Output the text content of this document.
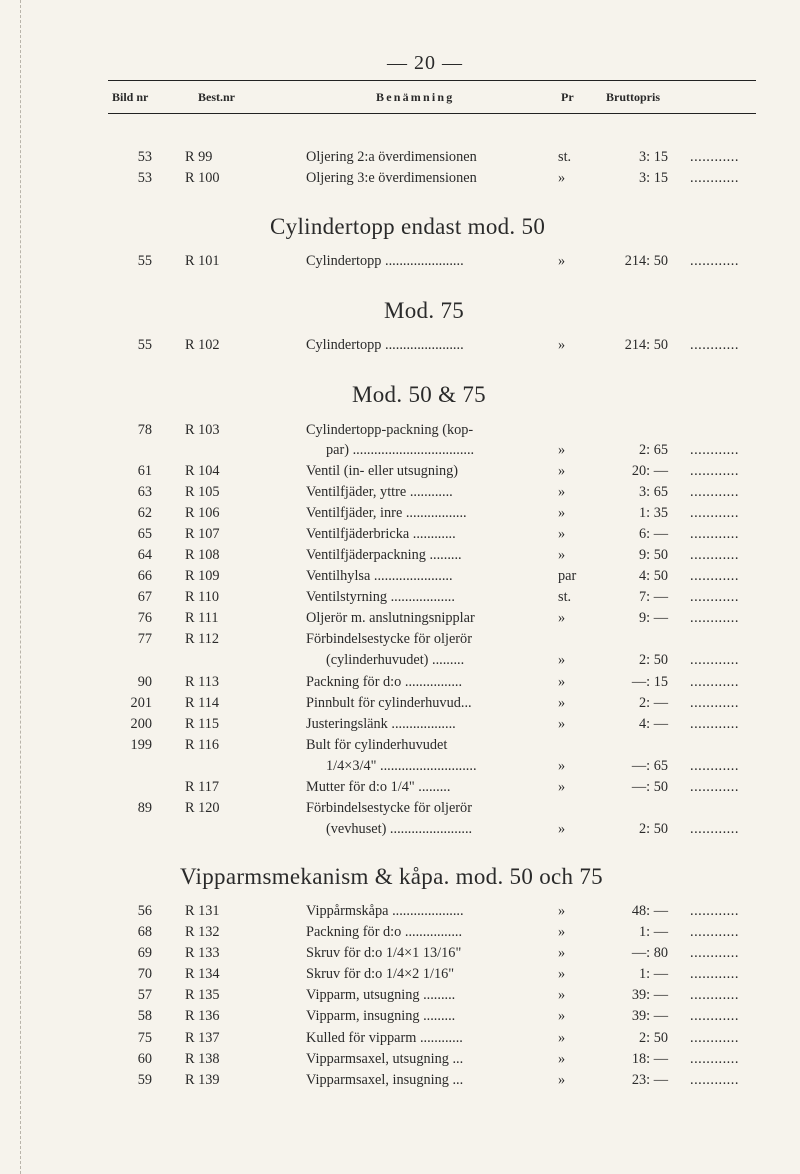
— 20 —
Bild nr	Best.nr	Benämning	Pr	Bruttopris
Cylindertopp endast mod. 50
Mod. 75
Mod. 50 & 75
Vipparmsmekanism & kåpa. mod. 50 och 75
53 R 99	Oljering 2:a överdimensionen	st.	3: 15 ............
53 R 100	Oljering 3:e överdimensionen	»	3: 15 ............
55 R 101	Cylindertopp ......................	»	214: 50 ............
55 R 102	Cylindertopp ......................	»	214: 50 ............
78 R 103	Cylindertopp-packning (kop-
par) ..................................	»	2: 65 ............
61 R 104	Ventil (in- eller utsugning)	»	20: — ............
63 R 105	Ventilfjäder, yttre ............	»	3: 65 ............
62 R 106	Ventilfjäder, inre .................	»	1: 35 ............
65 R 107	Ventilfjäderbricka ............	»	6: — ............
64 R 108	Ventilfjäderpackning .........	»	9: 50 ............
66 R 109	Ventilhylsa ......................	par	4: 50 ............
67 R 110	Ventilstyrning ..................	st.	7: — ............
76 R 111	Oljerör m. anslutningsnipplar	»	9: — ............
77 R 112	Förbindelsestycke för oljerör
(cylinderhuvudet) .........	»	2: 50 ............
90 R 113	Packning för d:o ................	»	—: 15 ............
201 R 114	Pinnbult för cylinderhuvud...	»	2: — ............
200 R 115	Justeringslänk ..................	»	4: — ............
199 R 116	Bult för cylinderhuvudet
1/4×3/4" ...........................	»	—: 65 ............
R 117	Mutter för d:o 1/4" .........	»	—: 50 ............
89 R 120	Förbindelsestycke för oljerör
(vevhuset) .......................	»	2: 50 ............
56 R 131	Vippårmskåpa ....................	»	48: — ............
68 R 132	Packning för d:o ................	»	1: — ............
69 R 133	Skruv för d:o 1/4×1 13/16"	»	—: 80 ............
70 R 134	Skruv för d:o 1/4×2 1/16"	»	1: — ............
57 R 135	Vipparm, utsugning .........	»	39: — ............
58 R 136	Vipparm, insugning .........	»	39: — ............
75 R 137	Kulled för vipparm ............	»	2: 50 ............
60 R 138	Vipparmsaxel, utsugning ...	»	18: — ............
59 R 139	Vipparmsaxel, insugning ...	»	23: — ............
